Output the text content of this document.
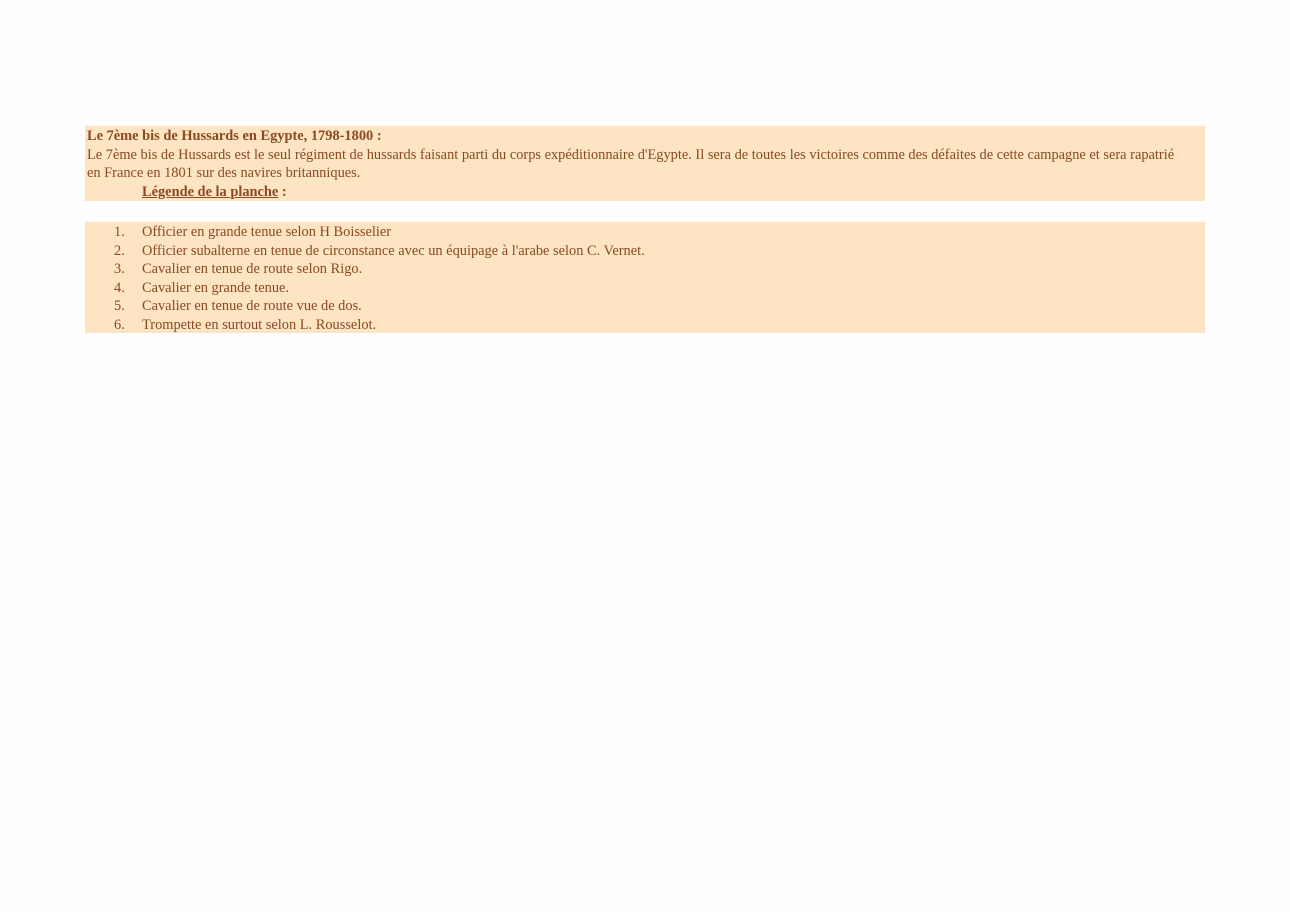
Le 7ème bis de Hussards en Egypte, 1798-1800 :
Le 7ème bis de Hussards est le seul régiment de hussards faisant parti du corps expéditionnaire d'Egypte. Il sera de toutes les victoires comme des défaites de cette campagne et sera rapatrié en France en 1801 sur des navires britanniques.
Légende de la planche :
1. Officier en grande tenue selon H Boisselier
2. Officier subalterne en tenue de circonstance avec un équipage à l'arabe selon C. Vernet.
3. Cavalier en tenue de route selon Rigo.
4. Cavalier en grande tenue.
5. Cavalier en tenue de route vue de dos.
6. Trompette en surtout selon L. Rousselot.
